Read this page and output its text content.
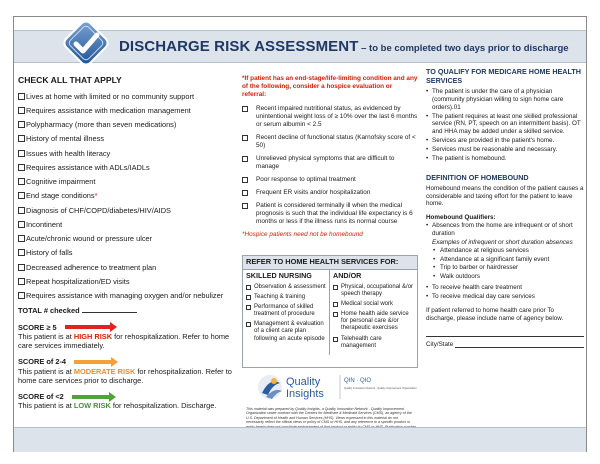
DISCHARGE RISK ASSESSMENT – to be completed two days prior to discharge
CHECK ALL THAT APPLY
Lives at home with limited or no community support
Requires assistance with medication management
Polypharmacy (more than seven medications)
History of mental illness
Issues with health literacy
Requires assistance with ADLs/IADLs
Cognitive impairment
End stage conditions *
Diagnosis of CHF/COPD/diabetes/HIV/AIDS
Incontinent
Acute/chronic wound or pressure ulcer
History of falls
Decreased adherence to treatment plan
Repeat hospitalization/ED visits
Requires assistance with managing oxygen and/or nebulizer
TOTAL # checked
SCORE ≥ 5
This patient is at HIGH RISK for rehospitalization. Refer to home care services immediately.
SCORE of 2-4
This patient is at MODERATE RISK for rehospitalization. Refer to home care services prior to discharge.
SCORE of ˂2
This patient is at LOW RISK for rehospitalization. Discharge.
*If patient has an end-stage/life-limiting condition and any of the following, consider a hospice evaluation or referral:
Recent impaired nutritional status, as evidenced by unintentional weight loss of ≥ 10% over the last 6 months or serum albumin < 2.5
Recent decline of functional status (Karnofsky score of < 50)
Unrelieved physical symptoms that are difficult to manage
Poor response to optimal treatment
Frequent ER visits and/or hospitalization
Patient is considered terminally ill when the medical prognosis is such that the individual life expectancy is 6 months or less if the illness runs its normal course
*Hospice patients need not be homebound
REFER TO HOME HEALTH SERVICES FOR:
SKILLED NURSING
Observation & assessment
Teaching & training
Performance of skilled treatment of procedure
Management & evaluation of a client care plan following an acute episode
AND/OR
Physical, occupational &/or speech therapy
Medical social work
Home health aide service for personal care &/or therapeutic exercises
Telehealth care management
Quality
Insights
QIN · QIO
Quality Innovation Network · Quality Improvement Organization
This material was prepared by Quality Insights, a Quality Innovation Network - Quality Improvement Organization under contract with the Centers for Medicare & Medicaid Services (CMS), an agency of the U.S. Department of Health and Human Services (HHS). Views expressed in this material do not necessarily reflect the official views or policy of CMS or HHS, and any reference to a specific product or
TO QUALIFY FOR MEDICARE HOME HEALTH SERVICES
• The patient is under the care of a physician (community physician willing to sign home care orders).01
• The patient requires at least one skilled professional service (RN, PT, speech on an intermittent basis). OT and HHA may be added under a skilled service.
• Services are provided in the patient's home.
• Services must be reasonable and necessary.
• The patient is homebound.
DEFINITION OF HOMEBOUND
Homebound means the condition of the patient causes a considerable and taxing effort for the patient to leave home.
Homebound Qualifiers:
• Absences from the home are infrequent or of short duration
Examples of infrequent or short duration absences
• Attendance at religious services
• Attendance at a significant family event
• Trip to barber or hairdresser
• Walk outdoors
• To receive health care treatment
• To receive medical day care services
If patient referred to home health care prior To discharge, please include name of agency below.
City/State
